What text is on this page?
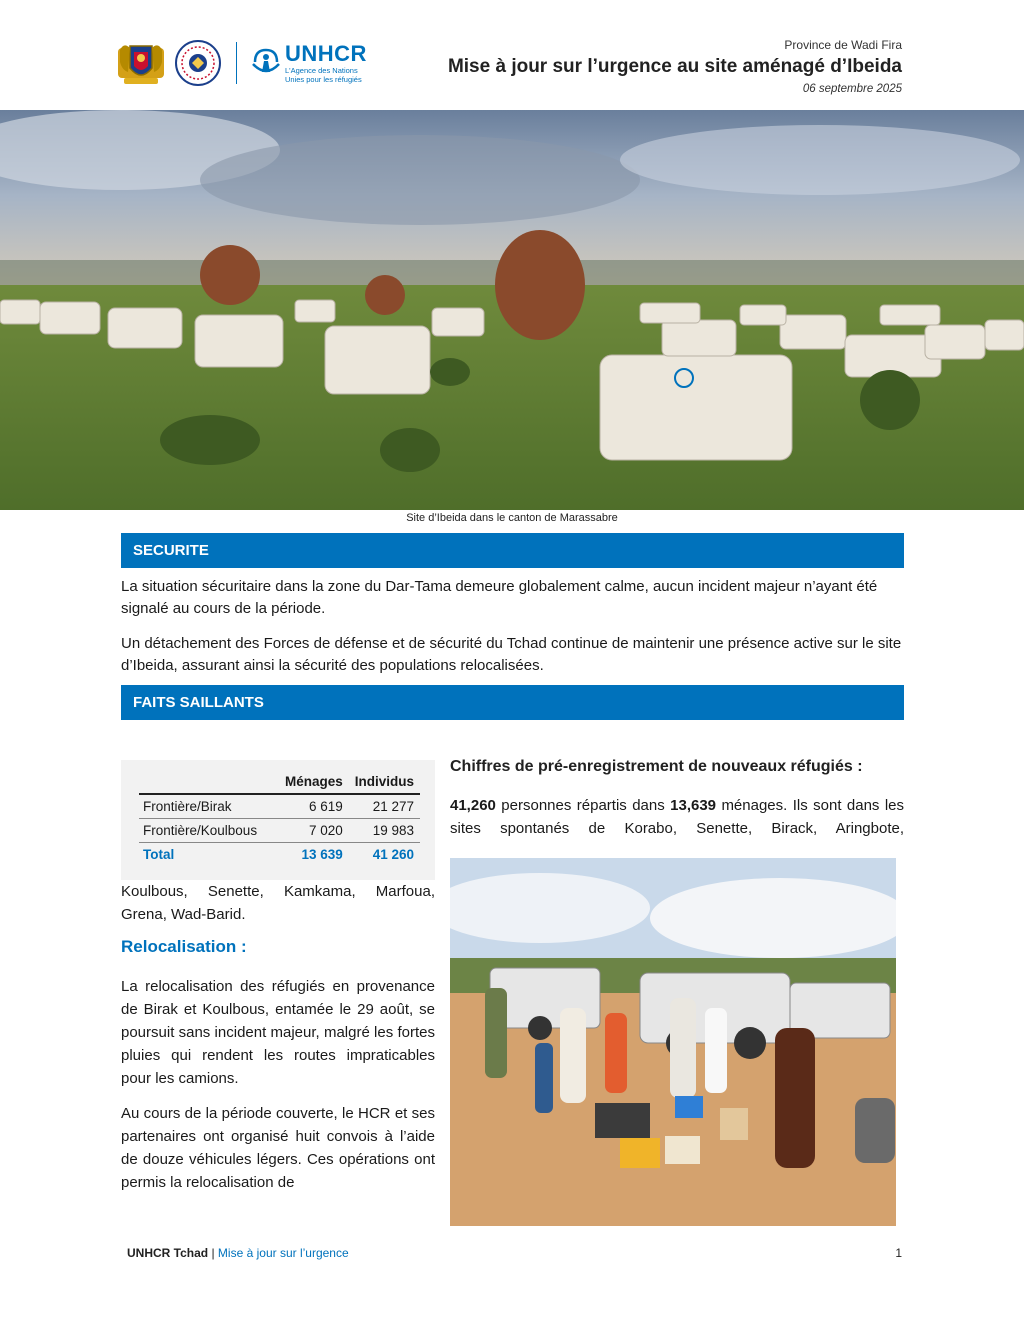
UNHCR
L'Agence des Nations
Unies pour les réfugiés
Province de Wadi Fira
Mise à jour sur l’urgence au site aménagé d’Ibeida
06 septembre 2025
Site d’Ibeida dans le canton de Marassabre
SECURITE

La situation sécuritaire dans la zone du Dar-Tama demeure globalement calme, aucun incident majeur n’ayant été signalé au cours de la période.

Un détachement des Forces de défense et de sécurité du Tchad continue de maintenir une présence active sur le site d’Ibeida, assurant ainsi la sécurité des populations relocalisées.

FAITS SAILLANTS
	Ménages	Individus
Frontière/Birak	6 619	21 277
Frontière/Koulbous	7 020	19 983
Total	13 639	41 260
Chiffres de pré-enregistrement de nouveaux réfugiés :

41,260 personnes répartis dans 13,639 ménages. Ils sont dans les sites spontanés de Korabo, Senette, Birack, Aringbote,

Koulbous, Senette, Kamkama, Marfoua, Grena, Wad-Barid.

Relocalisation :

La relocalisation des réfugiés en provenance de Birak et Koulbous, entamée le 29 août, se poursuit sans incident majeur, malgré les fortes pluies qui rendent les routes impraticables pour les camions.

Au cours de la période couverte, le HCR et ses partenaires ont organisé huit convois à l’aide de douze véhicules légers. Ces opérations ont permis la relocalisation de

UNHCR Tchad | Mise à jour sur l’urgence	1
